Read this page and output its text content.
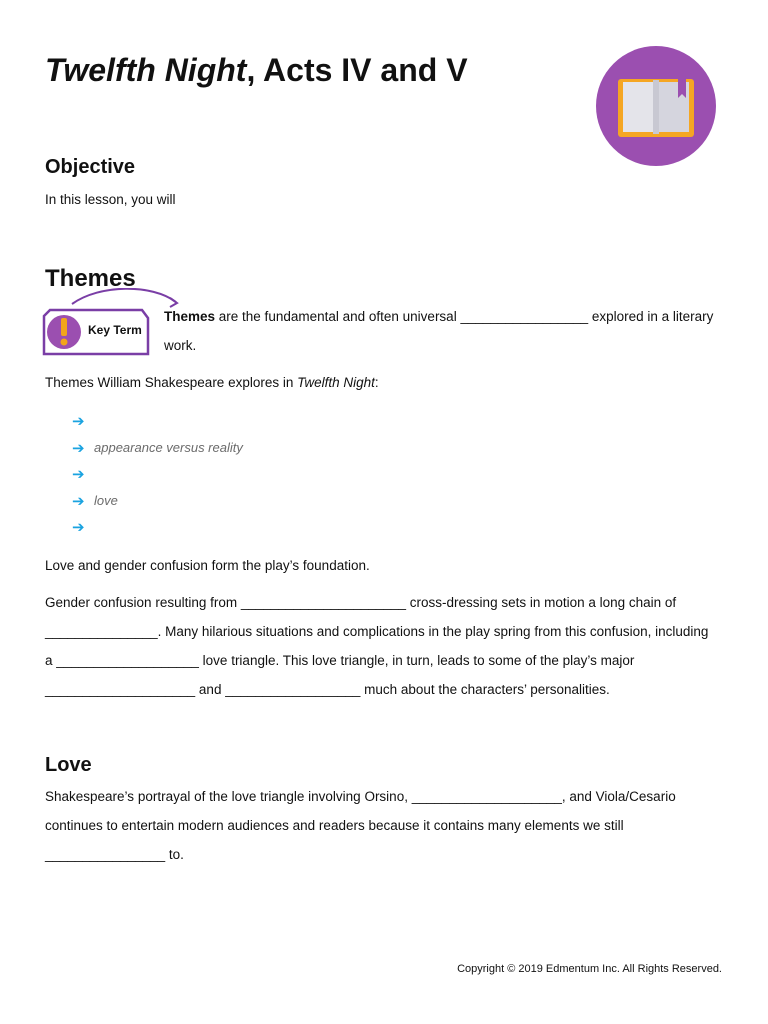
Twelfth Night, Acts IV and V
Objective

In this lesson, you will

Themes
Key Term

Themes are the fundamental and often universal _________________ explored in a literary work.

Themes William Shakespeare explores in Twelfth Night:

➔
➔ appearance versus reality
➔
➔ love
➔

Love and gender confusion form the play’s foundation.

Gender confusion resulting from ______________________ cross-dressing sets in motion a long chain of _______________. Many hilarious situations and complications in the play spring from this confusion, including a ___________________ love triangle. This love triangle, in turn, leads to some of the play’s major ____________________ and __________________ much about the characters’ personalities.

Love

Shakespeare’s portrayal of the love triangle involving Orsino, ____________________, and Viola/Cesario continues to entertain modern audiences and readers because it contains many elements we still ________________ to.

Copyright © 2019 Edmentum Inc. All Rights Reserved.
